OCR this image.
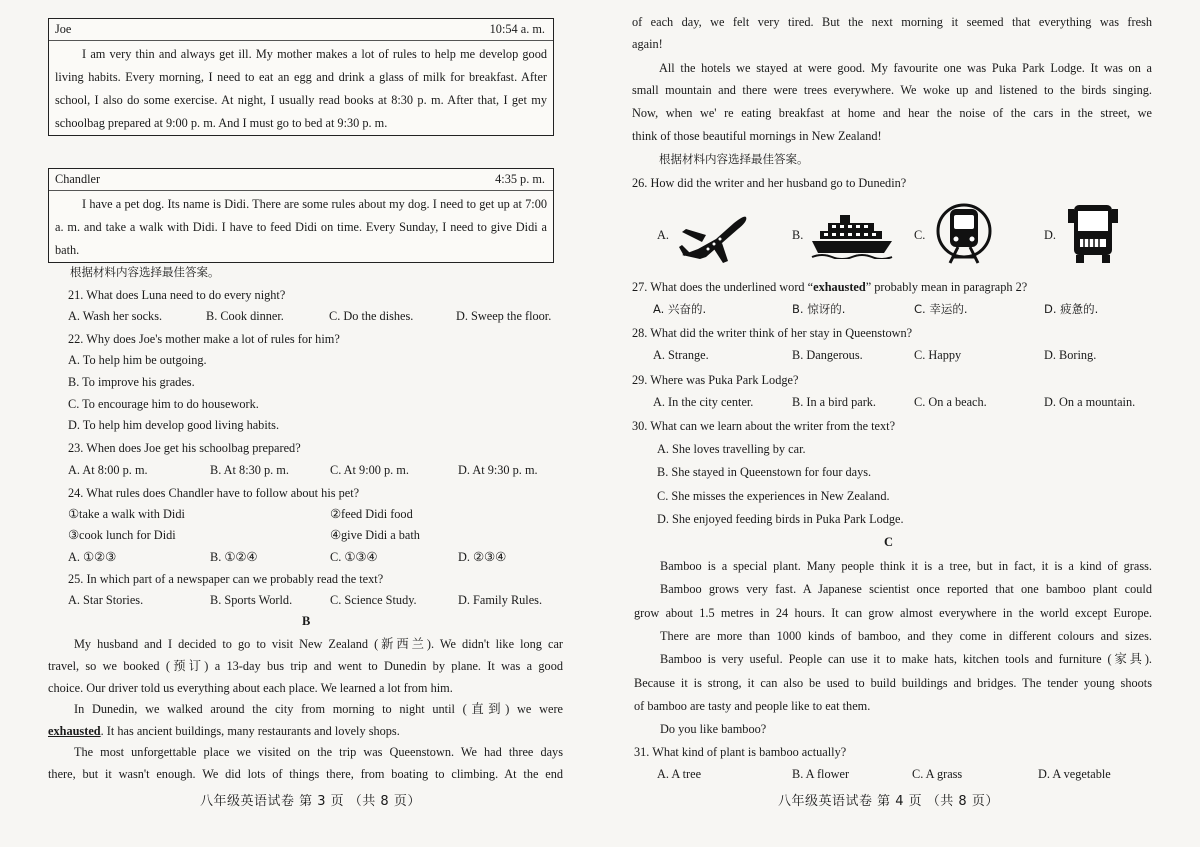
Joe	10:54 a. m.
I am very thin and always get ill. My mother makes a lot of rules to help me develop good living habits. Every morning, I need to eat an egg and drink a glass of milk for breakfast. After school, I also do some exercise. At night, I usually read books at 8:30 p. m. After that, I get my schoolbag prepared at 9:00 p. m. And I must go to bed at 9:30 p. m.
Chandler	4:35 p. m.
I have a pet dog. Its name is Didi. There are some rules about my dog. I need to get up at 7:00 a. m. and take a walk with Didi. I have to feed Didi on time. Every Sunday, I need to give Didi a bath.
根据材料内容选择最佳答案。
21. What does Luna need to do every night?
A. Wash her socks.	B. Cook dinner.	C. Do the dishes.	D. Sweep the floor.
22. Why does Joe's mother make a lot of rules for him?
A. To help him be outgoing.
B. To improve his grades.
C. To encourage him to do housework.
D. To help him develop good living habits.
23. When does Joe get his schoolbag prepared?
A. At 8:00 p. m.	B. At 8:30 p. m.	C. At 9:00 p. m.	D. At 9:30 p. m.
24. What rules does Chandler have to follow about his pet?
①take a walk with Didi	②feed Didi food
③cook lunch for Didi	④give Didi a bath
A. ①②③	B. ①②④	C. ①③④	D. ②③④
25. In which part of a newspaper can we probably read the text?
A. Star Stories.	B. Sports World.	C. Science Study.	D. Family Rules.
B
My husband and I decided to go to visit New Zealand (新西兰). We didn't like long car
travel, so we booked (预订) a 13-day bus trip and went to Dunedin by plane. It was a good
choice. Our driver told us everything about each place. We learned a lot from him.
In Dunedin, we walked around the city from morning to night until (直到) we were
exhausted. It has ancient buildings, many restaurants and lovely shops.
The most unforgettable place we visited on the trip was Queenstown. We had three days
there, but it wasn't enough. We did lots of things there, from boating to climbing. At the end
八年级英语试卷 第 3 页 （共 8 页）
of each day, we felt very tired. But the next morning it seemed that everything was fresh
again!
All the hotels we stayed at were good. My favourite one was Puka Park Lodge. It was on a
small mountain and there were trees everywhere. We woke up and listened to the birds singing.
Now, when we' re eating breakfast at home and hear the noise of the cars in the street, we
think of those beautiful mornings in New Zealand!
根据材料内容选择最佳答案。
26. How did the writer and her husband go to Dunedin?
A.	B.	C.	D.
27. What does the underlined word “exhausted” probably mean in paragraph 2?
A. 兴奋的.	B. 惊讶的.	C. 幸运的.	D. 疲惫的.
28. What did the writer think of her stay in Queenstown?
A. Strange.	B. Dangerous.	C. Happy	D. Boring.
29. Where was Puka Park Lodge?
A. In the city center.	B. In a bird park.	C. On a beach.	D. On a mountain.
30. What can we learn about the writer from the text?
A. She loves travelling by car.
B. She stayed in Queenstown for four days.
C. She misses the experiences in New Zealand.
D. She enjoyed feeding birds in Puka Park Lodge.
C
Bamboo is a special plant. Many people think it is a tree, but in fact, it is a kind of grass.
Bamboo grows very fast. A Japanese scientist once reported that one bamboo plant could
grow about 1.5 metres in 24 hours. It can grow almost everywhere in the world except Europe.
There are more than 1000 kinds of bamboo, and they come in different colours and sizes.
Bamboo is very useful. People can use it to make hats, kitchen tools and furniture (家具).
Because it is strong, it can also be used to build buildings and bridges. The tender young shoots
of bamboo are tasty and people like to eat them.
Do you like bamboo?
31. What kind of plant is bamboo actually?
A. A tree	B. A flower	C. A grass	D. A vegetable
八年级英语试卷 第 4 页 （共 8 页）
